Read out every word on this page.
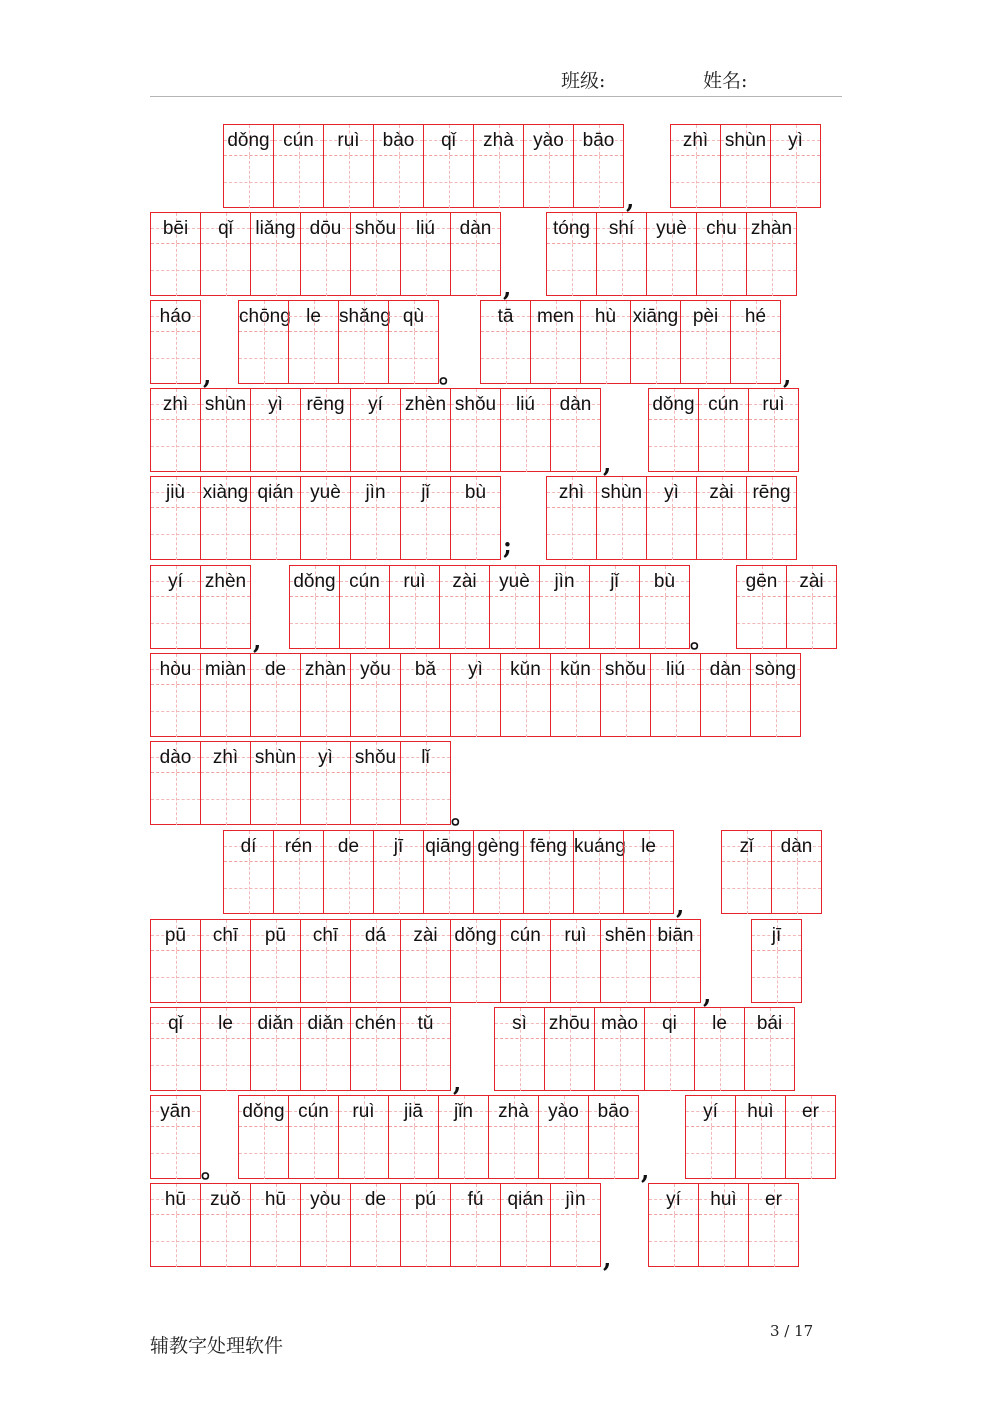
班级:	姓名:
dǒng cún	ruì	bào	qǐ	zhà	yào bāo	zhì shùn	yì
,
bēi	qǐ	liǎng dōu shǒu	liú	dàn	tóng shí	yuè	chu zhàn
,
háo	chōng le shǎng qù	tā	men	hù xiāng pèi	hé
,	。	,
zhì shùn	yì	rēng	yí	zhèn shǒu	liú	dàn	dǒng cún	ruì
,
jiù xiàng qián yuè	jìn	jǐ	bù	zhì shùn	yì	zài rēng
;
yí	zhèn dǒng cún	ruì	zài	yuè	jìn	jǐ	bù	gēn	zài
,	。
hòu miàn de zhàn yǒu	bǎ	yì	kǔn	kǔn shǒu	liú	dàn sòng
dào	zhì shùn	yì	shǒu	lǐ
。
dí	rén	de	jī	qiāng gèng fēng kuáng le	zǐ	dàn
,
pū	chī	pū	chī	dá	zài dǒng cún	ruì shēn biān	jī
,
qǐ	le	diǎn diǎn chén	tǔ	sì	zhōu mào	qi	le	bái
,
yān	dǒng cún	ruì	jiā	jǐn	zhà	yào bāo	yí	huì	er
。	,
hū	zuǒ	hū	yòu	de	pú	fú	qián	jìn	yí	huì	er
,
辅教字处理软件
3 / 17
